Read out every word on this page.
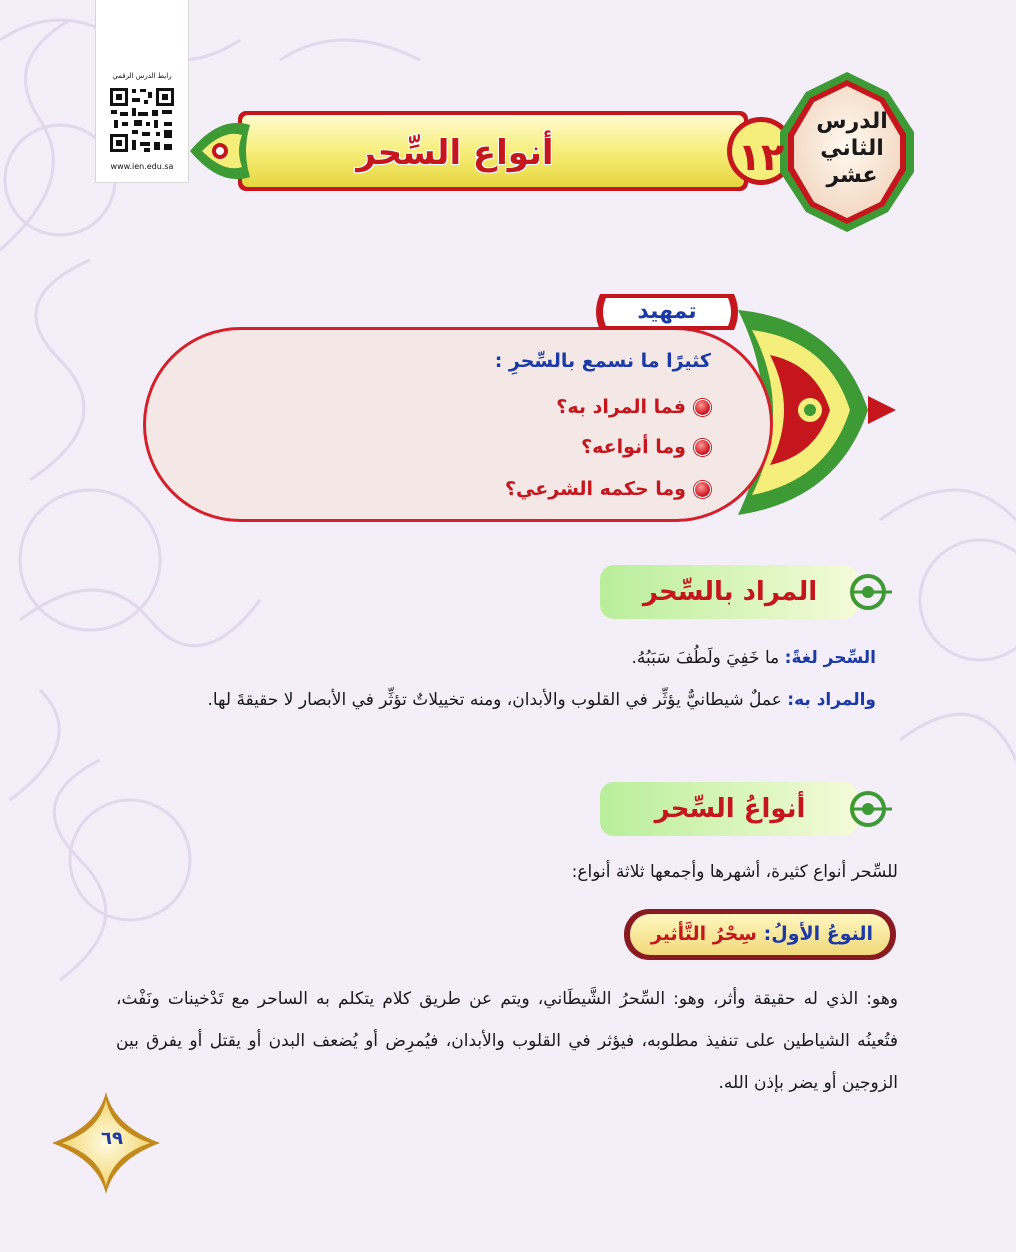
رابط الدرس الرقمي
www.ien.edu.sa	أنواع السِّحر	١٢
الدرس
الثاني
عشر
تمهيد
كثيرًا ما نسمع بالسِّحرِ :
فما المراد به؟
وما أنواعه؟
وما حكمه الشرعي؟
المراد بالسِّحر
السِّحر لغةً: ما خَفِيَ ولَطُفَ سَبَبُهُ.
والمراد به: عملٌ شيطانيٌّ يؤثِّر في القلوب والأبدان، ومنه تخييلاتٌ تؤثِّر في الأبصار لا حقيقةَ لها.
أنواعُ السِّحر
للسِّحر أنواع كثيرة، أشهرها وأجمعها ثلاثة أنواع:
النوعُ الأولُ: سِحْرُ التَّأثير
وهو: الذي له حقيقة وأثر، وهو: السِّحرُ الشَّيطَاني، ويتم عن طريق كلام يتكلم به الساحر مع تَدْخينات ونَفْث، فتُعينُه الشياطين على تنفيذ مطلوبه، فيؤثر في القلوب والأبدان، فيُمرِض أو يُضعف البدن أو يقتل أو يفرق بين الزوجين أو يضر بإذن الله.
٦٩
